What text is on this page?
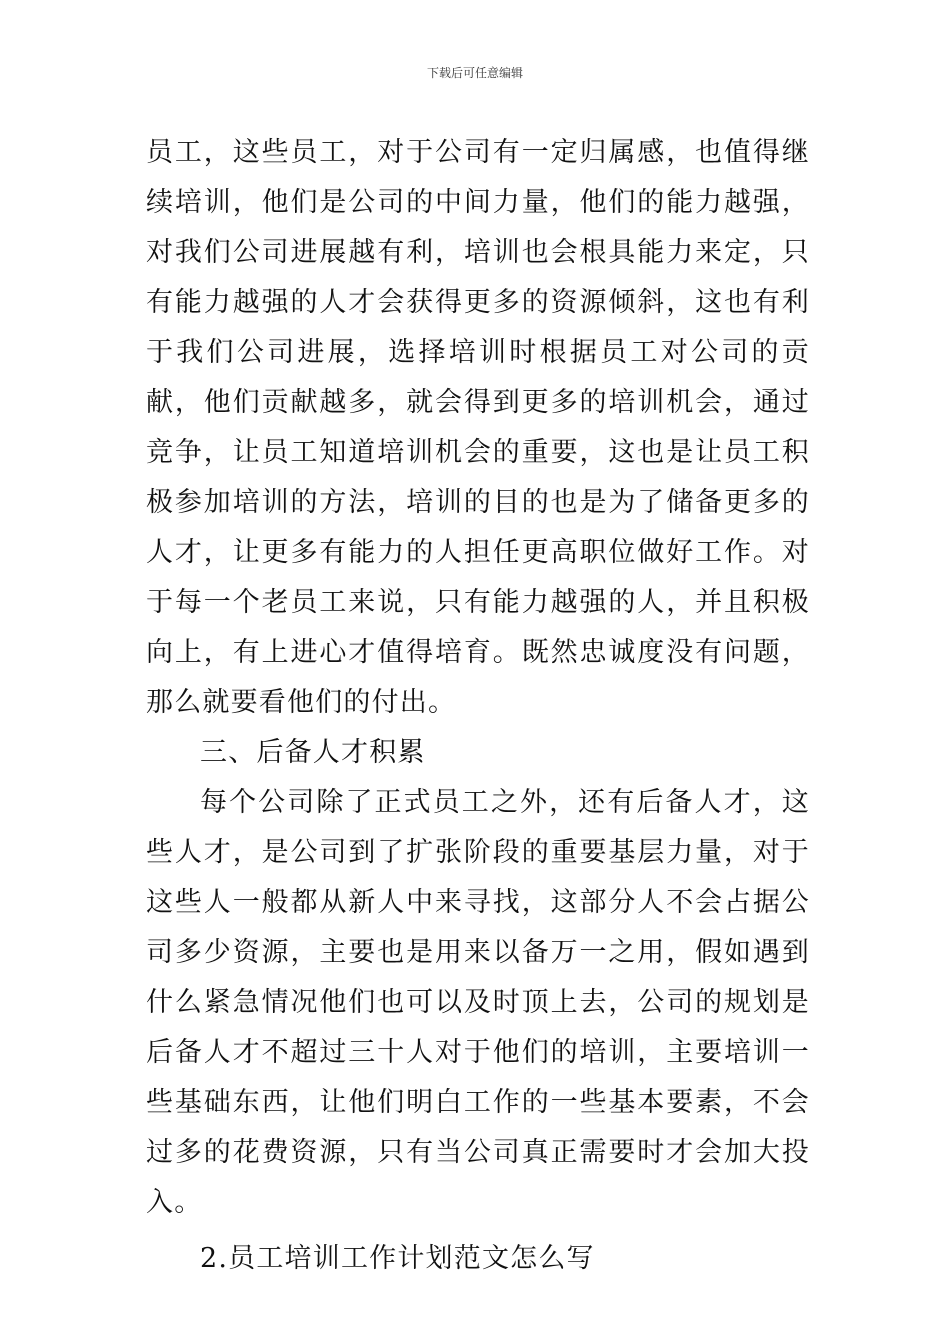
下载后可任意编辑

员工，这些员工，对于公司有一定归属感，也值得继续培训，他们是公司的中间力量，他们的能力越强，对我们公司进展越有利，培训也会根具能力来定，只有能力越强的人才会获得更多的资源倾斜，这也有利于我们公司进展，选择培训时根据员工对公司的贡献，他们贡献越多，就会得到更多的培训机会，通过竞争，让员工知道培训机会的重要，这也是让员工积极参加培训的方法，培训的目的也是为了储备更多的人才，让更多有能力的人担任更高职位做好工作。对于每一个老员工来说，只有能力越强的人，并且积极向上，有上进心才值得培育。既然忠诚度没有问题，那么就要看他们的付出。

三、后备人才积累

每个公司除了正式员工之外，还有后备人才，这些人才，是公司到了扩张阶段的重要基层力量，对于这些人一般都从新人中来寻找，这部分人不会占据公司多少资源，主要也是用来以备万一之用，假如遇到什么紧急情况他们也可以及时顶上去，公司的规划是后备人才不超过三十人对于他们的培训，主要培训一些基础东西，让他们明白工作的一些基本要素，不会过多的花费资源，只有当公司真正需要时才会加大投入。

2.员工培训工作计划范文怎么写
